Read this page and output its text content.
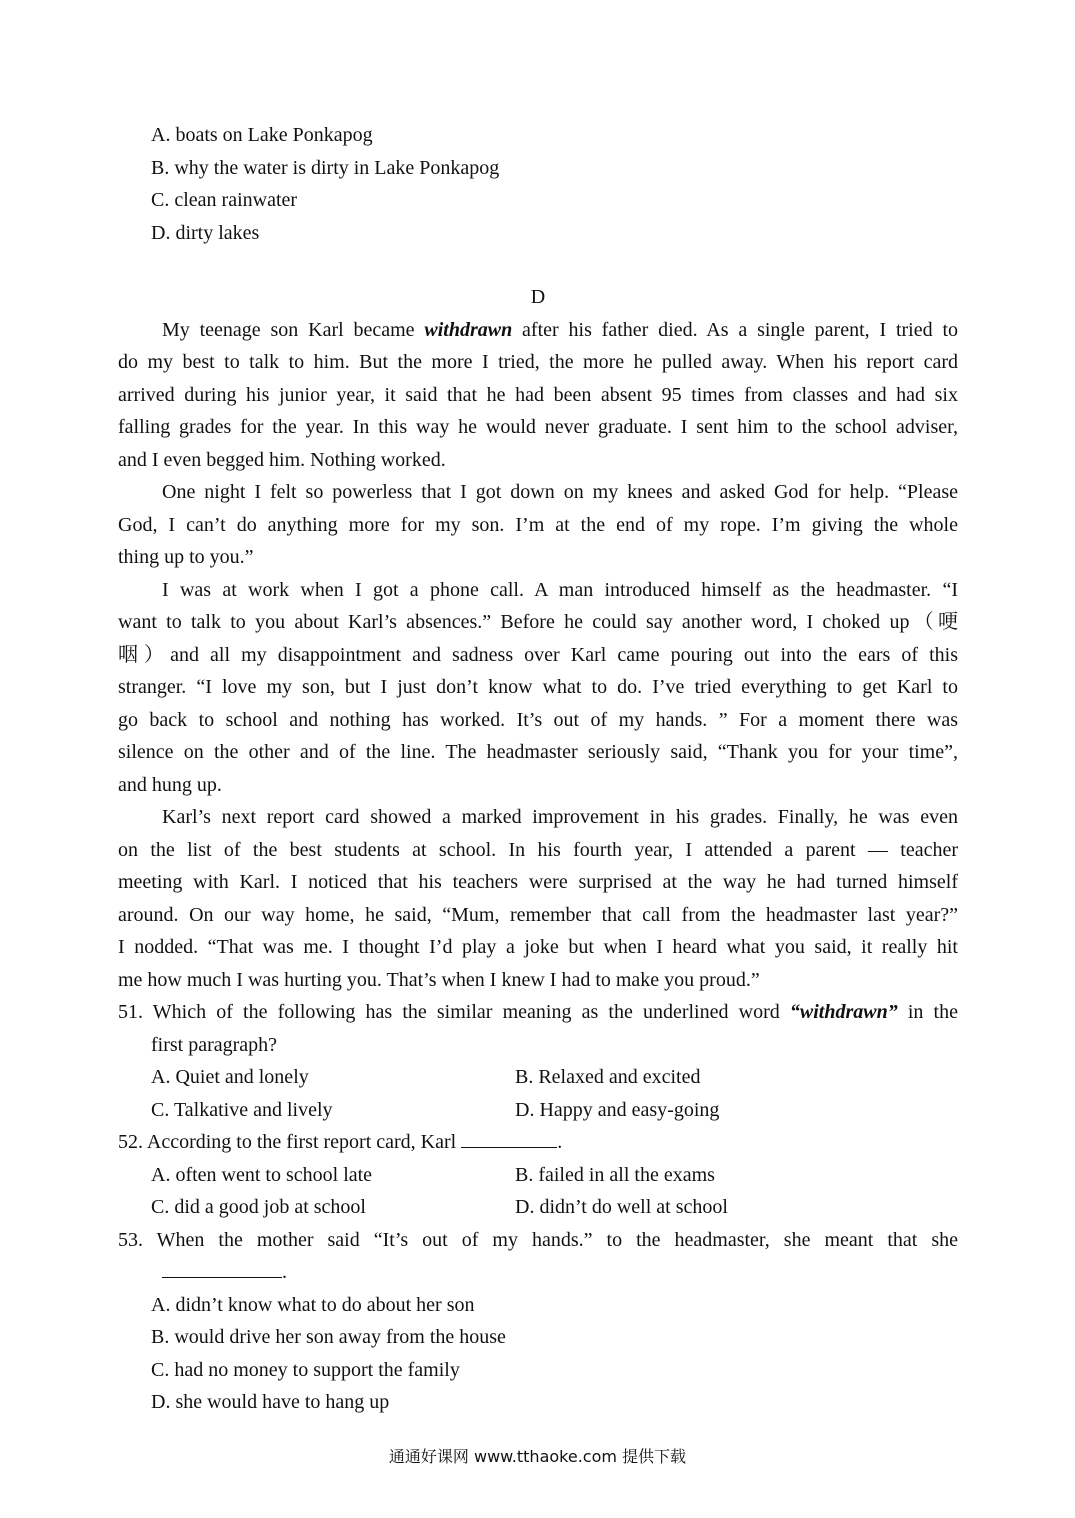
A. boats on Lake Ponkapog
B. why the water is dirty in Lake Ponkapog
C. clean rainwater
D. dirty lakes
D
My teenage son Karl became withdrawn after his father died. As a single parent, I tried to
do my best to talk to him. But the more I tried, the more he pulled away. When his report card
arrived during his junior year, it said that he had been absent 95 times from classes and had six
falling grades for the year. In this way he would never graduate. I sent him to the school adviser,
and I even begged him. Nothing worked.
One night I felt so powerless that I got down on my knees and asked God for help. “Please
God, I can’t do anything more for my son. I’m at the end of my rope. I’m giving the whole
thing up to you.”
I was at work when I got a phone call. A man introduced himself as the headmaster. “I
want to talk to you about Karl’s absences.” Before he could say another word, I choked up（哽
咽）and all my disappointment and sadness over Karl came pouring out into the ears of this
stranger. “I love my son, but I just don’t know what to do. I’ve tried everything to get Karl to
go back to school and nothing has worked. It’s out of my hands. ” For a moment there was
silence on the other and of the line. The headmaster seriously said, “Thank you for your time”,
and hung up.
Karl’s next report card showed a marked improvement in his grades. Finally, he was even
on the list of the best students at school. In his fourth year, I attended a parent — teacher
meeting with Karl. I noticed that his teachers were surprised at the way he had turned himself
around. On our way home, he said, “Mum, remember that call from the headmaster last year?”
I nodded. “That was me. I thought I’d play a joke but when I heard what you said, it really hit
me how much I was hurting you. That’s when I knew I had to make you proud.”
51. Which of the following has the similar meaning as the underlined word “withdrawn” in the
first paragraph?
A. Quiet and lonely	B. Relaxed and excited
C. Talkative and lively	D. Happy and easy-going
52. According to the first report card, Karl	.
A. often went to school late	B. failed in all the exams
C. did a good job at school	D. didn’t do well at school
53. When the mother said “It’s out of my hands.” to the headmaster, she meant that she
.
A. didn’t know what to do about her son
B. would drive her son away from the house
C. had no money to support the family
D. she would have to hang up
通通好课网 www.tthaoke.com 提供下载
